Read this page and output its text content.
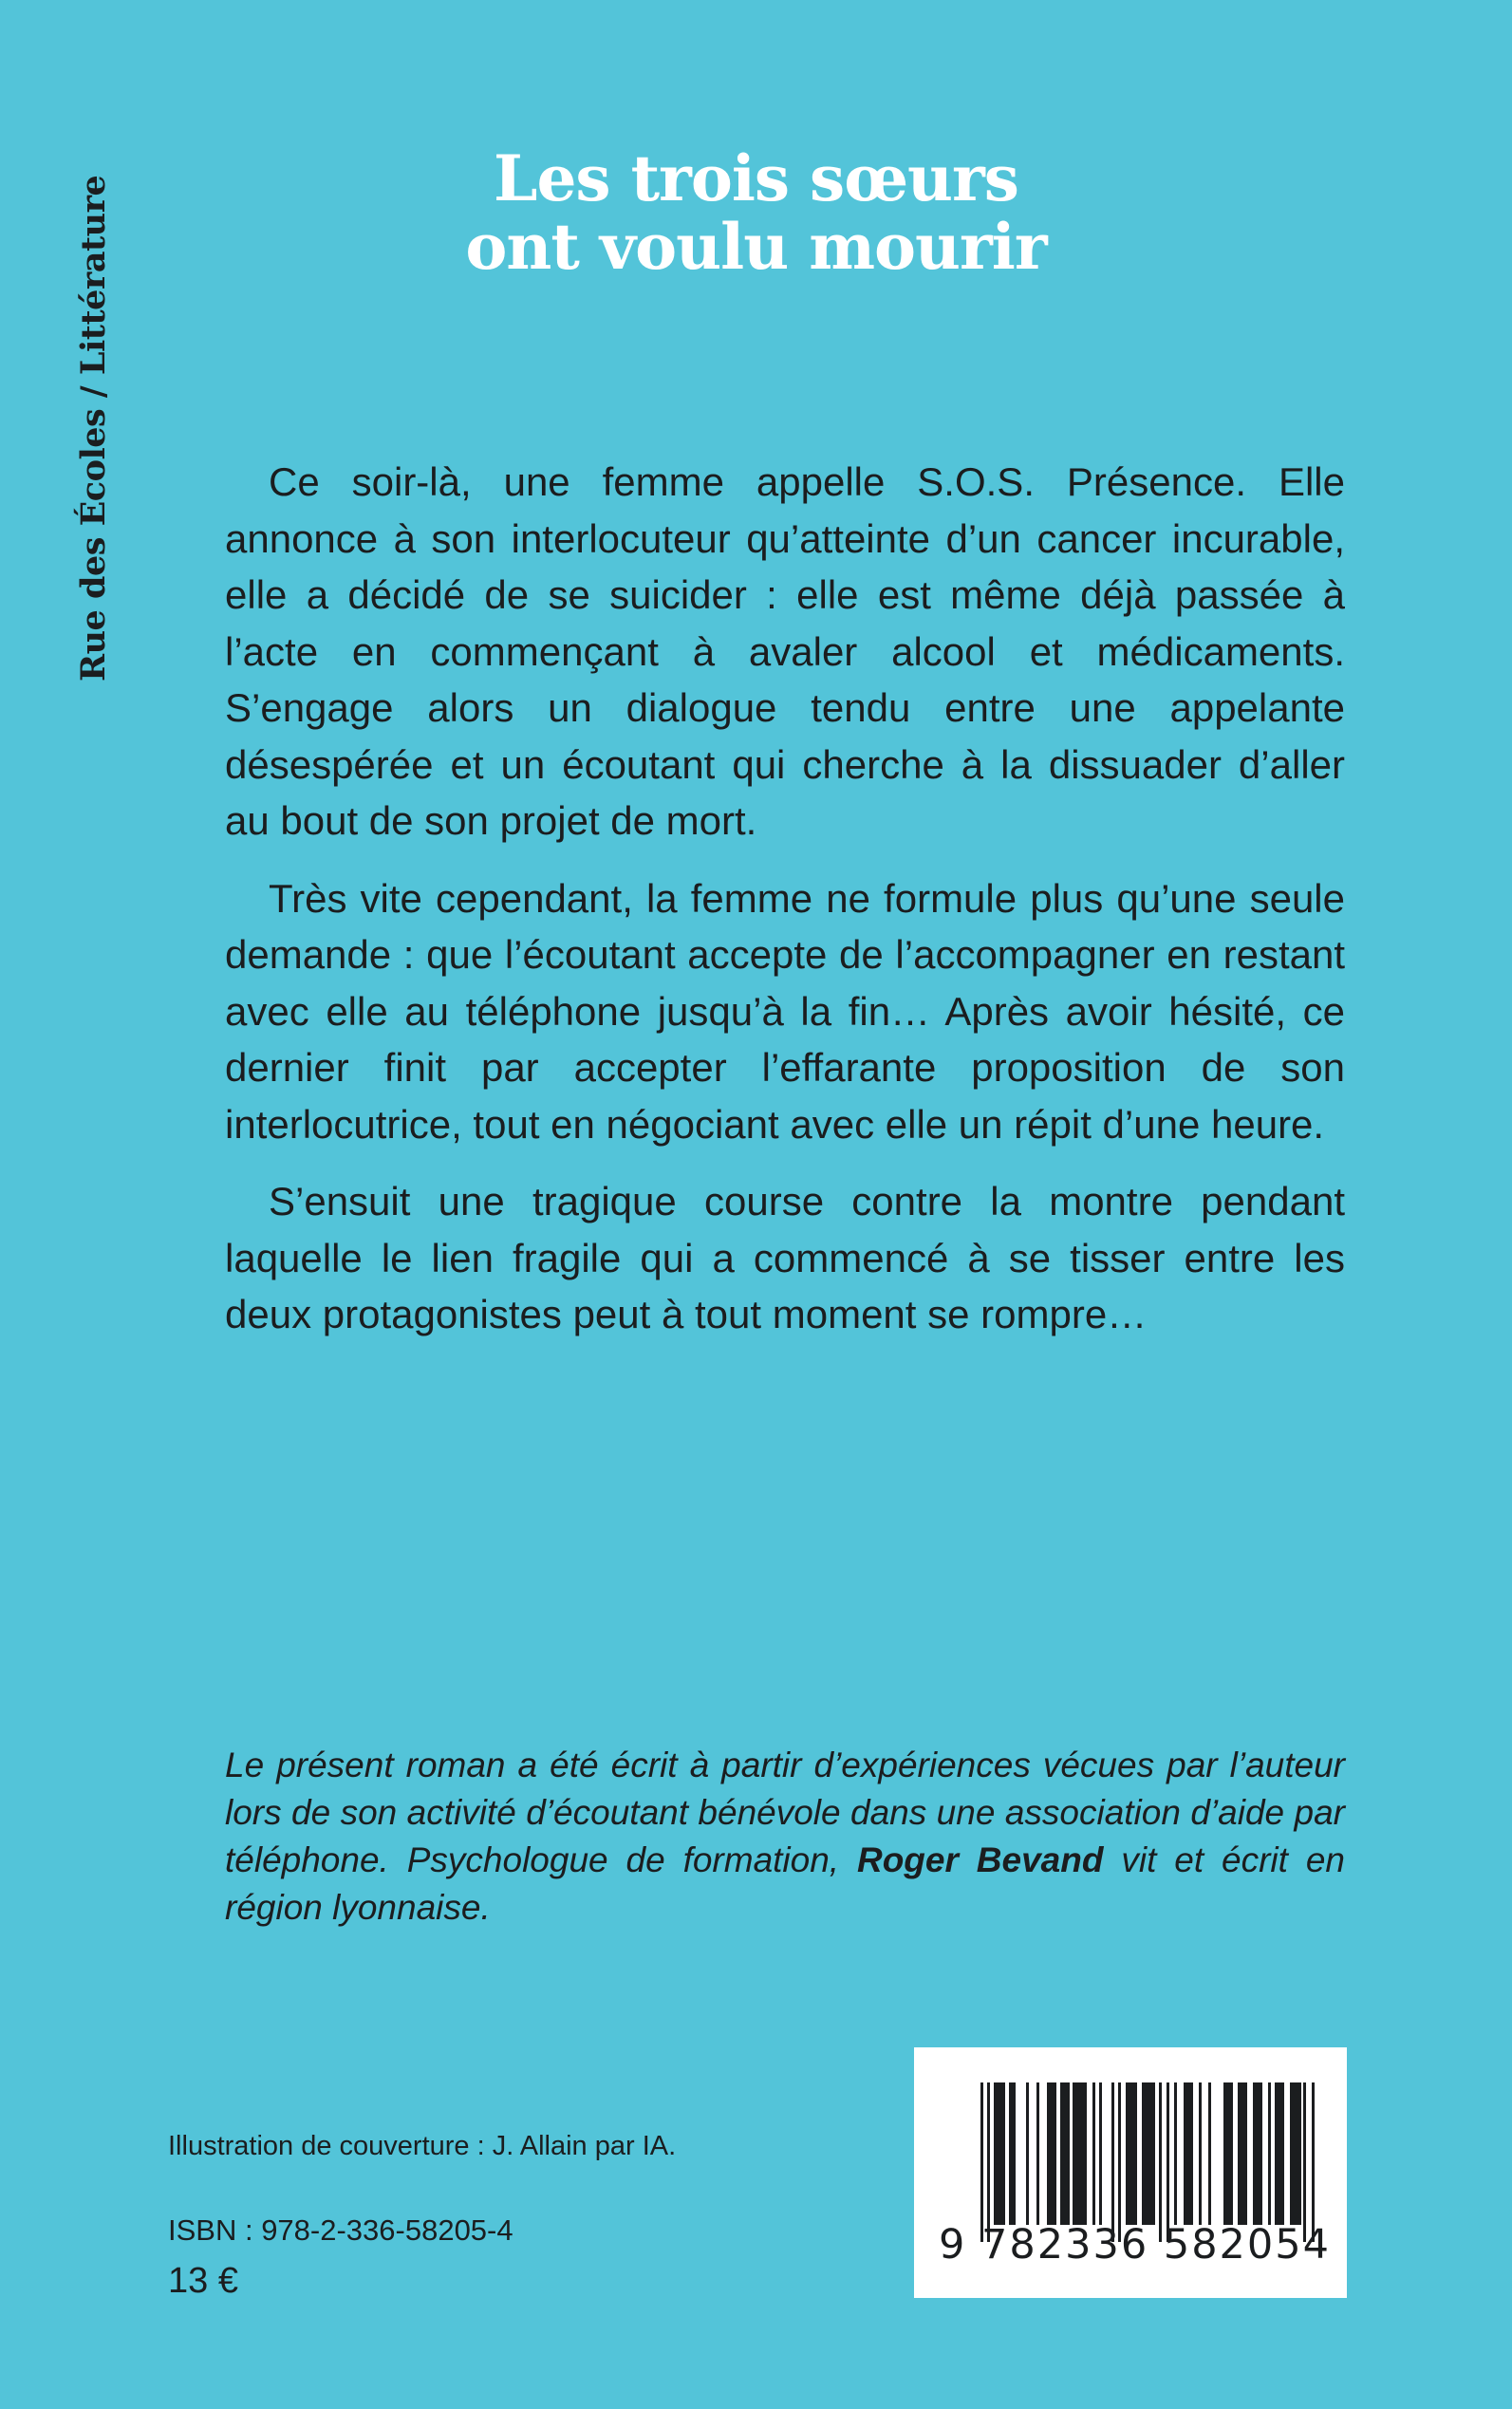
Rue des Écoles / Littérature	Les trois sœurs
ont voulu mourir

Ce soir-là, une femme appelle S.O.S. Présence. Elle annonce à son interlocuteur qu’atteinte d’un cancer incurable, elle a décidé de se suicider : elle est même déjà passée à l’acte en commençant à avaler alcool et médicaments. S’engage alors un dialogue tendu entre une appelante désespérée et un écoutant qui cherche à la dissuader d’aller au bout de son projet de mort.

Très vite cependant, la femme ne formule plus qu’une seule demande : que l’écoutant accepte de l’accompagner en restant avec elle au téléphone jusqu’à la fin… Après avoir hésité, ce dernier finit par accepter l’effarante proposition de son interlocutrice, tout en négociant avec elle un répit d’une heure.

S’ensuit une tragique course contre la montre pendant laquelle le lien fragile qui a commencé à se tisser entre les deux protagonistes peut à tout moment se rompre…

Le présent roman a été écrit à partir d’expériences vécues par l’auteur lors de son activité d’écoutant bénévole dans une association d’aide par téléphone. Psychologue de formation, Roger Bevand vit et écrit en région lyonnaise.
Illustration de couverture : J. Allain par IA.
ISBN : 978-2-336-58205-4
13 €
9 782336 582054
